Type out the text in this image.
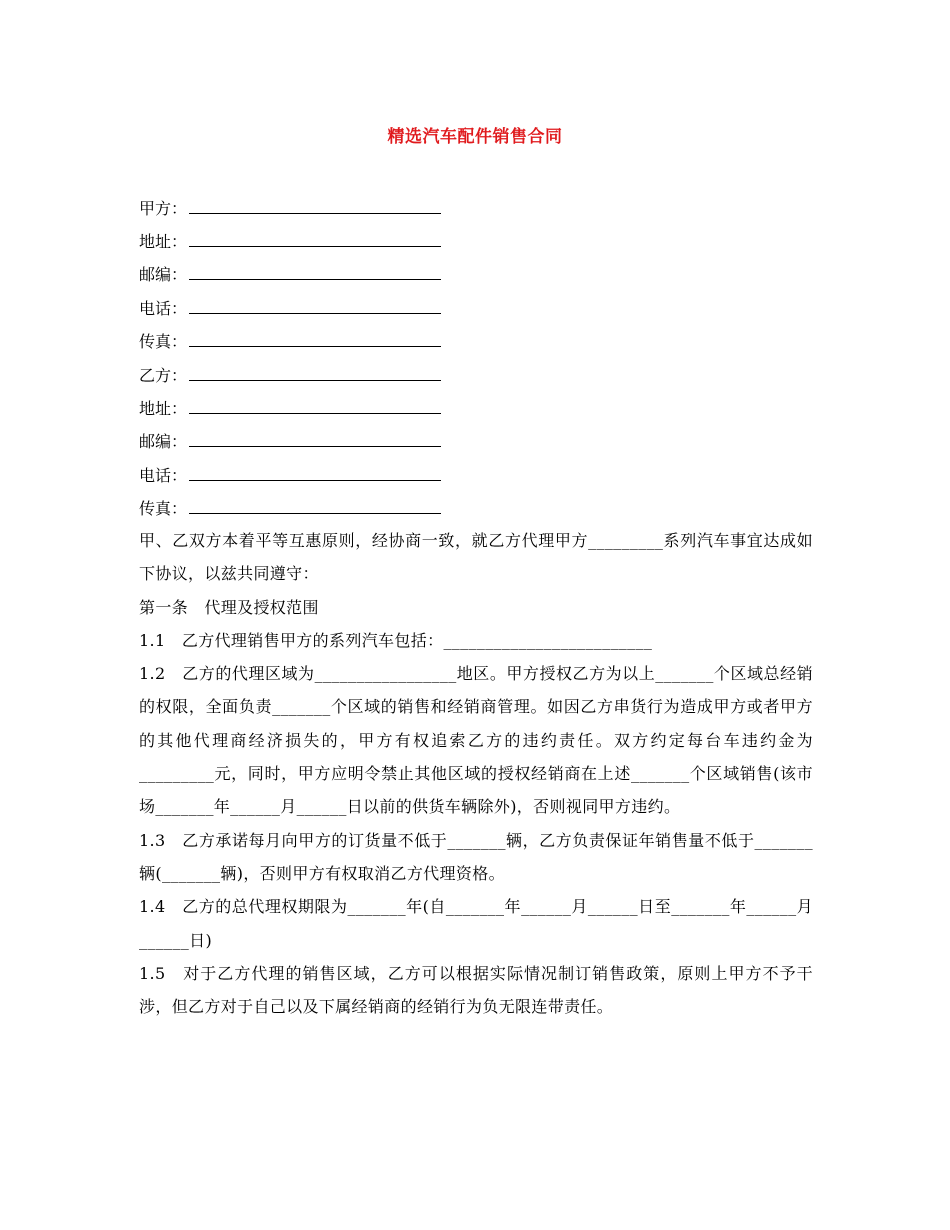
精选汽车配件销售合同
甲方：
地址：
邮编：
电话：
传真：
乙方：
地址：
邮编：
电话：
传真：

甲、乙双方本着平等互惠原则，经协商一致，就乙方代理甲方_________系列汽车事宜达成如下协议，以兹共同遵守：

第一条　代理及授权范围

1.1　乙方代理销售甲方的系列汽车包括：_________________________

1.2　乙方的代理区域为_________________地区。甲方授权乙方为以上_______个区域总经销的权限，全面负责_______个区域的销售和经销商管理。如因乙方串货行为造成甲方或者甲方的其他代理商经济损失的，甲方有权追索乙方的违约责任。双方约定每台车违约金为_________元，同时，甲方应明令禁止其他区域的授权经销商在上述_______个区域销售(该市场_______年______月______日以前的供货车辆除外)，否则视同甲方违约。

1.3　乙方承诺每月向甲方的订货量不低于_______辆，乙方负责保证年销售量不低于_______辆(_______辆)，否则甲方有权取消乙方代理资格。

1.4　乙方的总代理权期限为_______年(自_______年______月______日至_______年______月______日)

1.5　对于乙方代理的销售区域，乙方可以根据实际情况制订销售政策，原则上甲方不予干涉，但乙方对于自己以及下属经销商的经销行为负无限连带责任。
